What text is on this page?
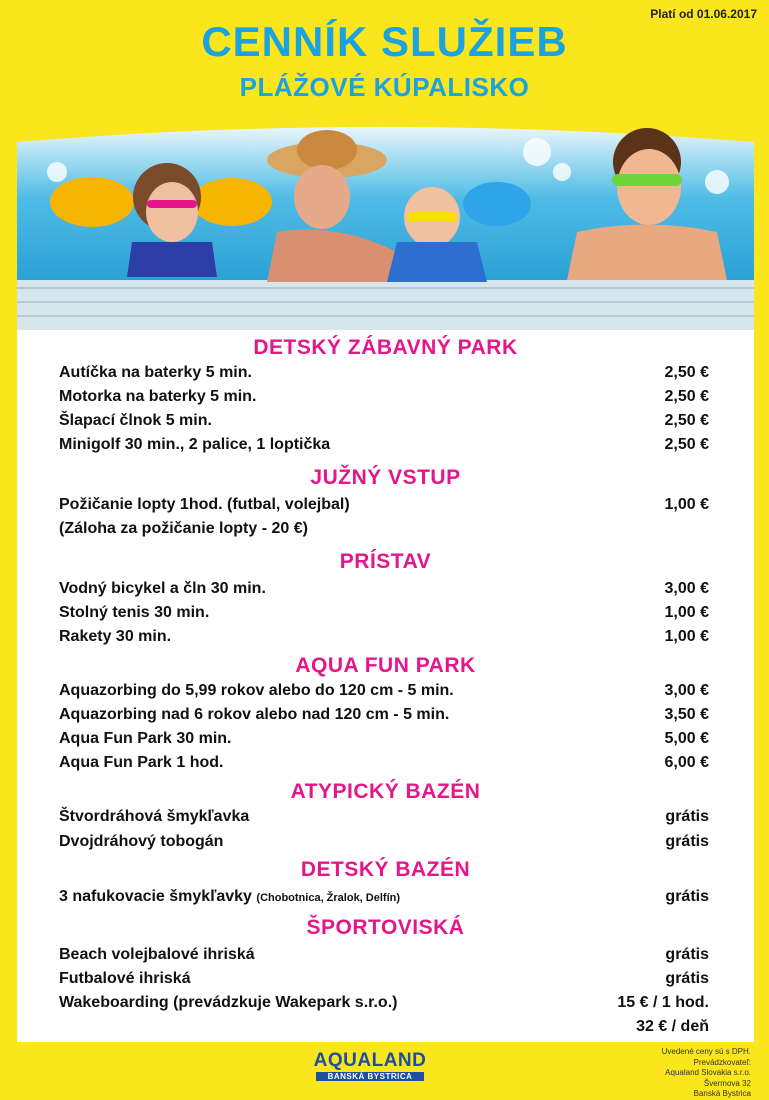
Platí od 01.06.2017
CENNÍK SLUŽIEB
PLÁŽOVÉ KÚPALISKO
DETSKÝ ZÁBAVNÝ PARK
Autíčka na baterky 5 min.	2,50 €
Motorka na baterky 5 min.	2,50 €
Šlapací člnok 5 min.	2,50 €
Minigolf 30 min., 2 palice, 1 loptička	2,50 €
JUŽNÝ VSTUP
Požičanie lopty 1hod. (futbal, volejbal)	1,00 €
(Záloha za požičanie lopty - 20 €)
PRÍSTAV
Vodný bicykel a čln 30 min.	3,00 €
Stolný tenis 30 min.	1,00 €
Rakety 30 min.	1,00 €
AQUA FUN PARK
Aquazorbing do 5,99 rokov alebo do 120 cm - 5 min.	3,00 €
Aquazorbing nad 6 rokov alebo nad 120 cm - 5 min.	3,50 €
Aqua Fun Park 30 min.	5,00 €
Aqua Fun Park 1 hod.	6,00 €
ATYPICKÝ BAZÉN
Štvordráhová šmykľavka	grátis
Dvojdráhový tobogán	grátis
DETSKÝ BAZÉN
3 nafukovacie šmykľavky (Chobotnica, Žralok, Delfín)	grátis
ŠPORTOVISKÁ
Beach volejbalové ihriská	grátis
Futbalové ihriská	grátis
Wakeboarding (prevádzkuje Wakepark s.r.o.)	15 € / 1 hod.
32 € / deň
AQUALAND
BANSKÁ BYSTRICA
Uvedené ceny sú s DPH.
Prevádzkovateľ:
Aqualand Slovakia s.r.o.
Švermova 32
Banská Bystrica
